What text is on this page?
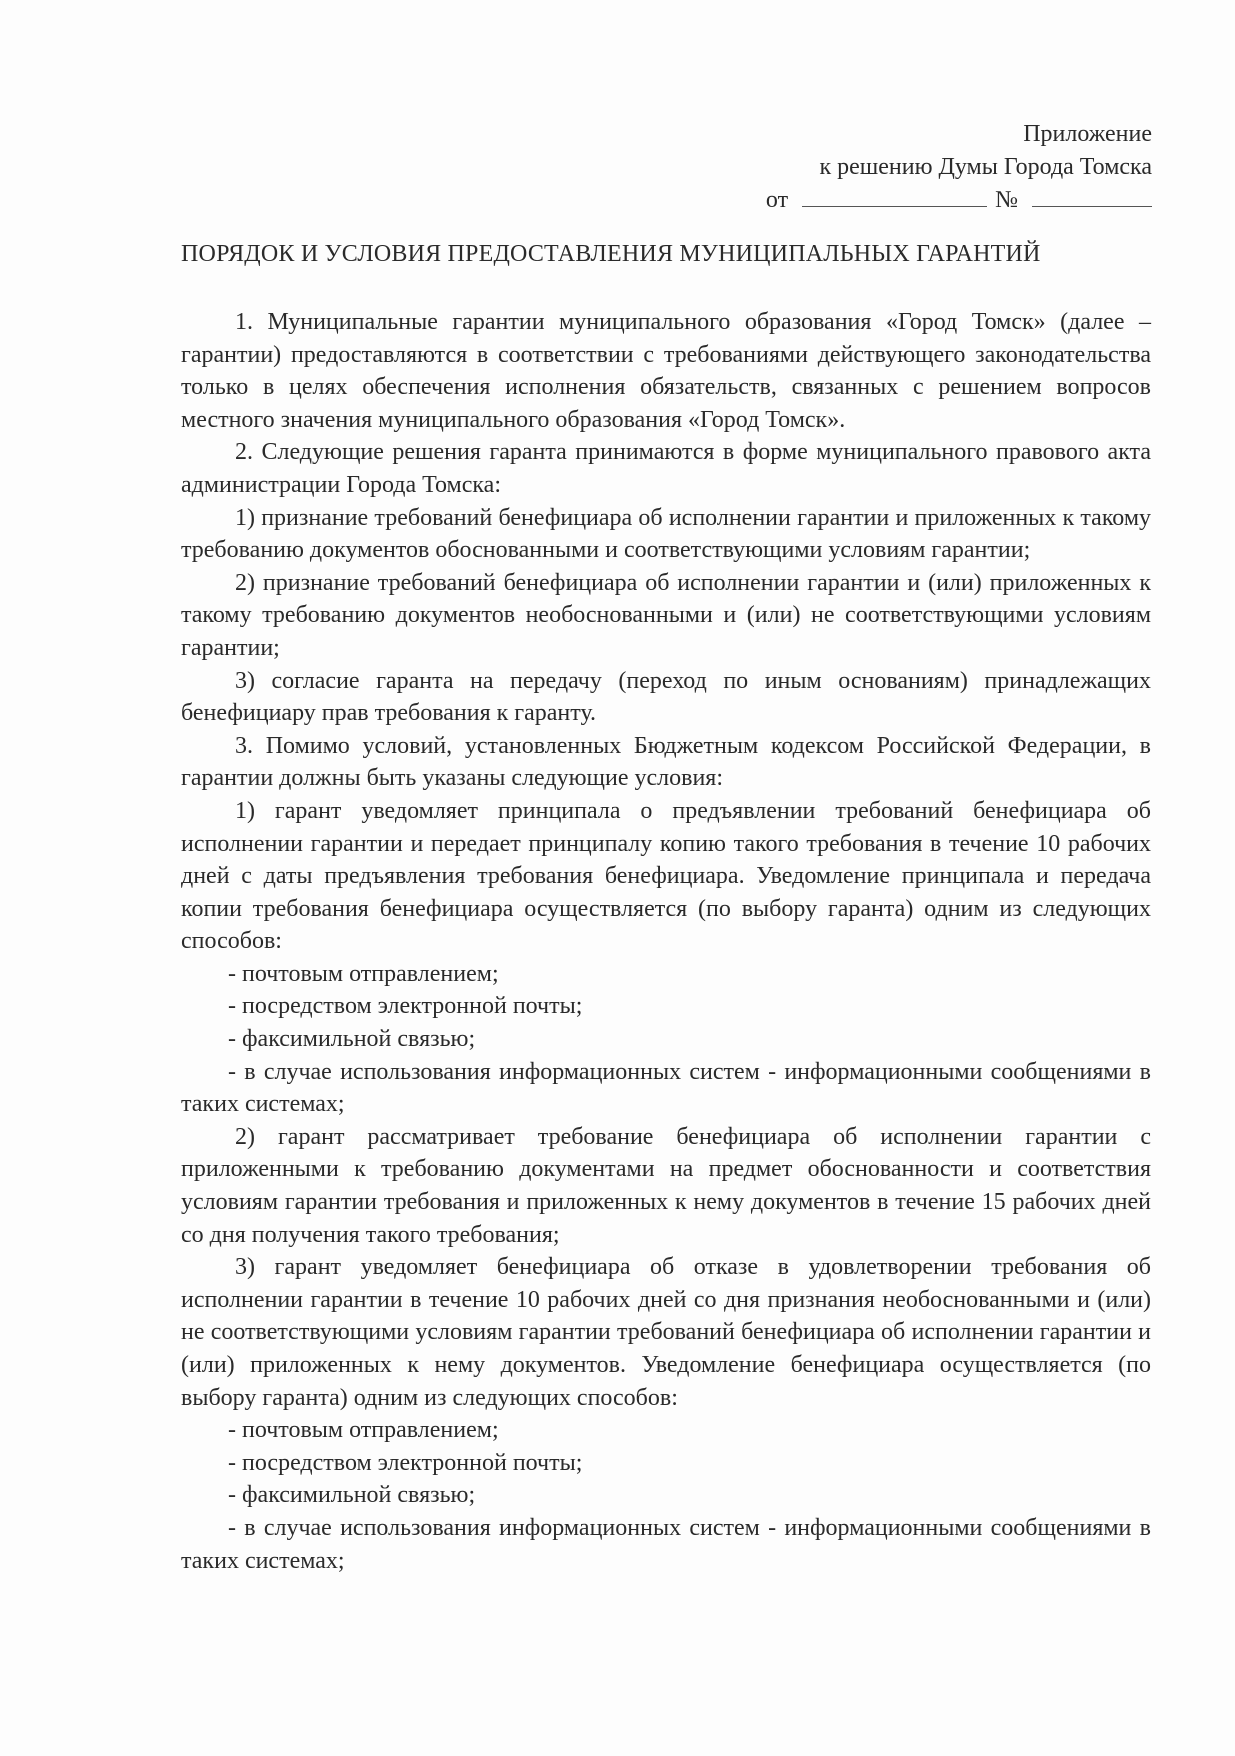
Приложение
к решению Думы Города Томска
от	№
ПОРЯДОК И УСЛОВИЯ ПРЕДОСТАВЛЕНИЯ МУНИЦИПАЛЬНЫХ ГАРАНТИЙ

1. Муниципальные гарантии муниципального образования «Город Томск» (далее – гарантии) предоставляются в соответствии с требованиями действующего законодательства только в целях обеспечения исполнения обязательств, связанных с решением вопросов местного значения муниципального образования «Город Томск».

2. Следующие решения гаранта принимаются в форме муниципального правового акта администрации Города Томска:

1) признание требований бенефициара об исполнении гарантии и приложенных к такому требованию документов обоснованными и соответствующими условиям гарантии;

2) признание требований бенефициара об исполнении гарантии и (или) приложенных к такому требованию документов необоснованными и (или) не соответствующими условиям гарантии;

3) согласие гаранта на передачу (переход по иным основаниям) принадлежащих бенефициару прав требования к гаранту.

3. Помимо условий, установленных Бюджетным кодексом Российской Федерации, в гарантии должны быть указаны следующие условия:

1) гарант уведомляет принципала о предъявлении требований бенефициара об исполнении гарантии и передает принципалу копию такого требования в течение 10 рабочих дней с даты предъявления требования бенефициара. Уведомление принципала и передача копии требования бенефициара осуществляется (по выбору гаранта) одним из следующих способов:

- почтовым отправлением;

- посредством электронной почты;

- факсимильной связью;

- в случае использования информационных систем - информационными сообщениями в таких системах;

2) гарант рассматривает требование бенефициара об исполнении гарантии с приложенными к требованию документами на предмет обоснованности и соответствия условиям гарантии требования и приложенных к нему документов в течение 15 рабочих дней со дня получения такого требования;

3) гарант уведомляет бенефициара об отказе в удовлетворении требования об исполнении гарантии в течение 10 рабочих дней со дня признания необоснованными и (или) не соответствующими условиям гарантии требований бенефициара об исполнении гарантии и (или) приложенных к нему документов. Уведомление бенефициара осуществляется (по выбору гаранта) одним из следующих способов:

- почтовым отправлением;

- посредством электронной почты;

- факсимильной связью;

- в случае использования информационных систем - информационными сообщениями в таких системах;
